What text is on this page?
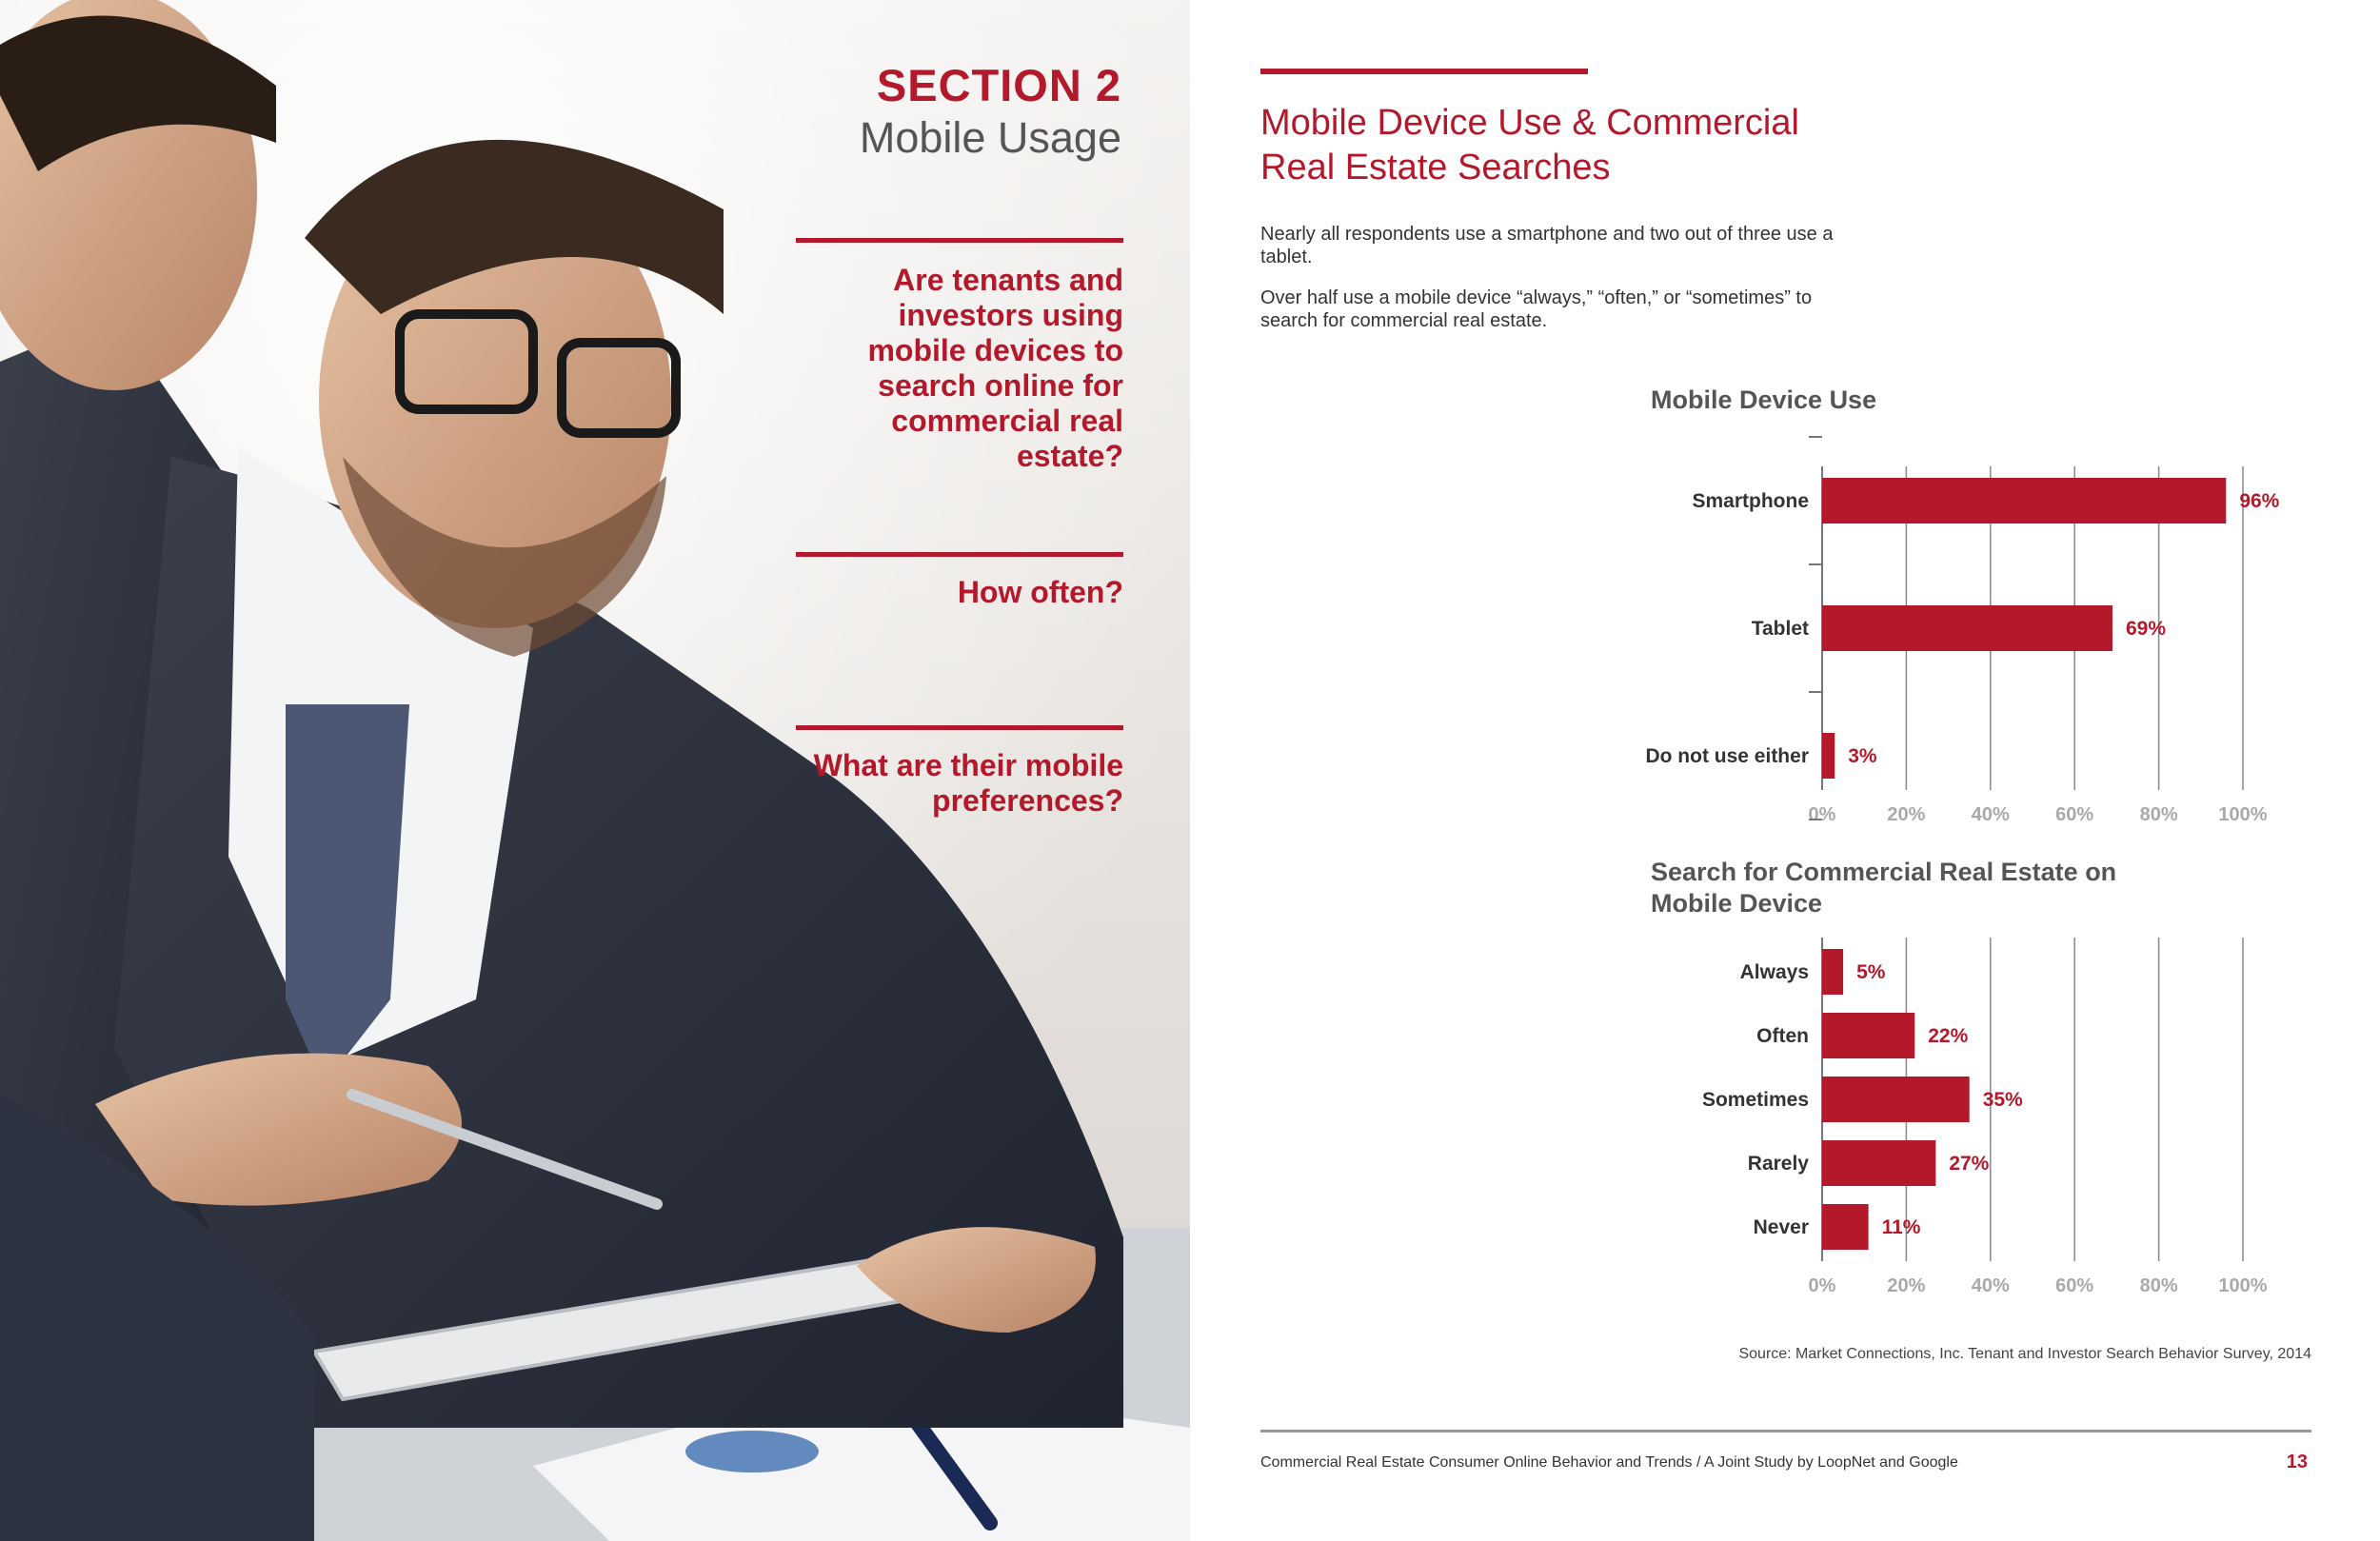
SECTION 2
Mobile Usage
Are tenants and investors using mobile devices to search online for commercial real estate?
How often?
What are their mobile preferences?
Mobile Device Use & Commercial Real Estate Searches
Nearly all respondents use a smartphone and two out of three use a tablet.
Over half use a mobile device “always,” “often,” or “sometimes” to search for commercial real estate.
Mobile Device Use
Search for Commercial Real Estate on Mobile Device
0%	20% 40% 60% 80% 100%
Smartphone	96%
Tablet	69%
Do not use either 3%
0%	20% 40% 60% 80% 100%
Always 5%
Often	22%
Sometimes	35%
Rarely	27%
Never	11%
Source: Market Connections, Inc. Tenant and Investor Search Behavior Survey, 2014
Commercial Real Estate Consumer Online Behavior and Trends / A Joint Study by LoopNet and Google	13
